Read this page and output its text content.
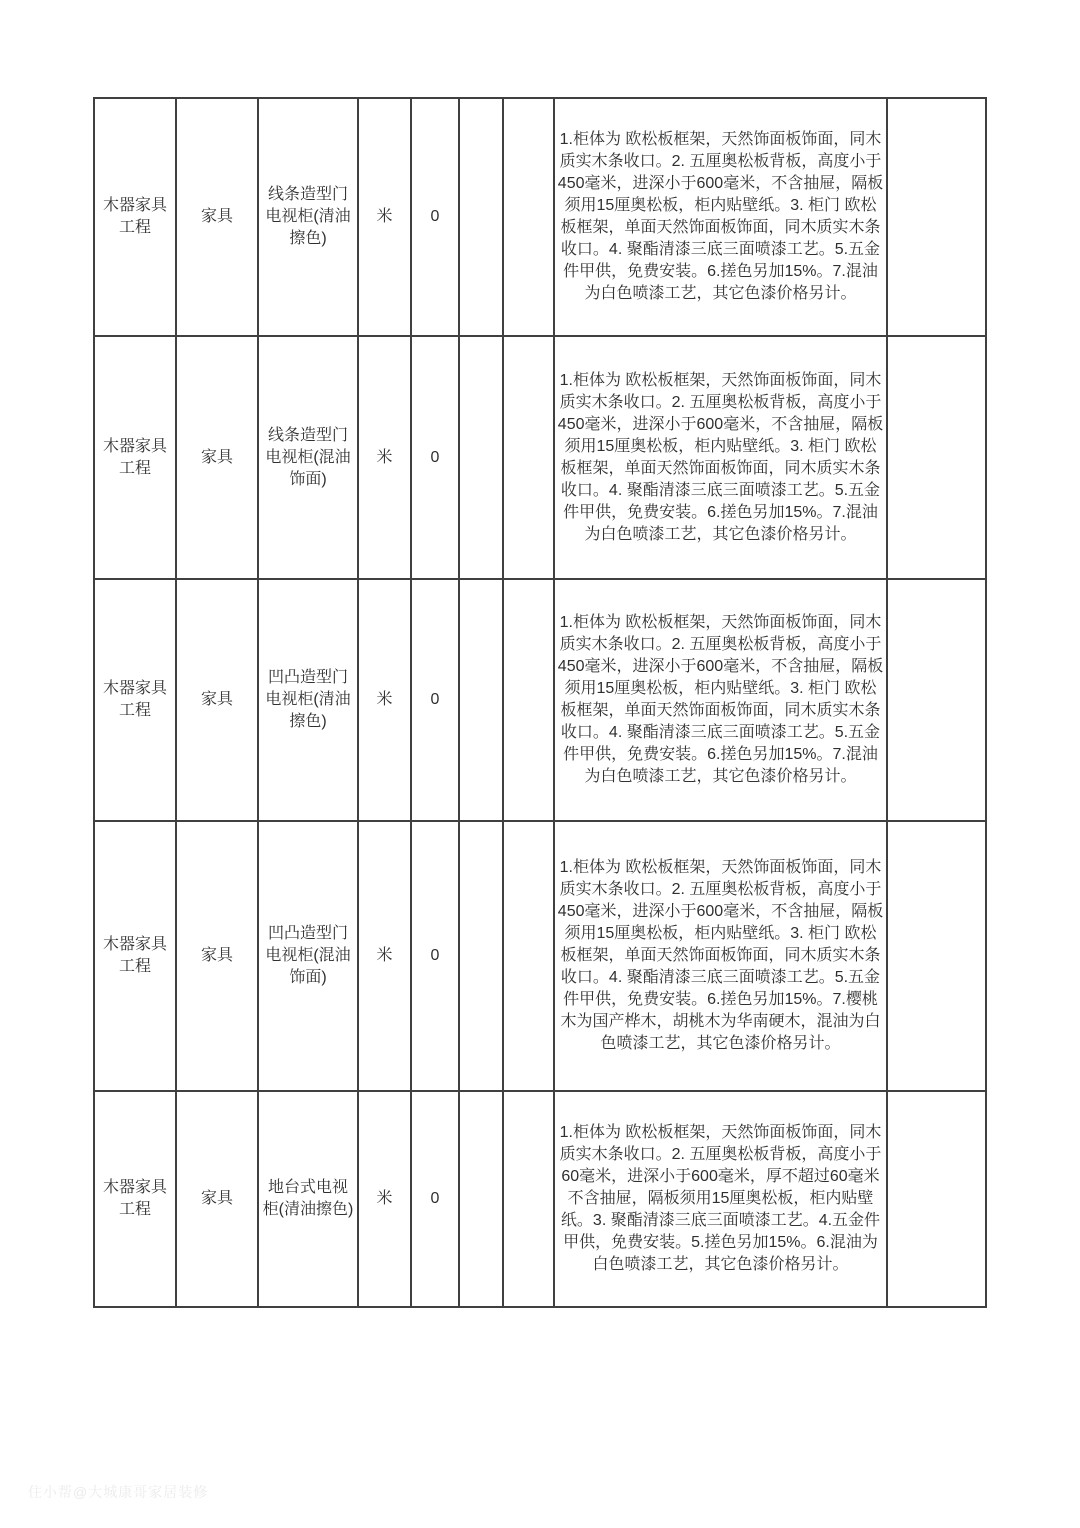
木器家具工程	家具	线条造型门电视柜(清油擦色)	米	0			1.柜体为 欧松板框架，天然饰面板饰面，同木质实木条收口。2. 五厘奥松板背板，高度小于450毫米，进深小于600毫米，不含抽屉，隔板须用15厘奥松板，柜内贴壁纸。3. 柜门 欧松板框架，单面天然饰面板饰面，同木质实木条收口。4. 聚酯清漆三底三面喷漆工艺。5.五金件甲供，免费安装。6.搓色另加15%。7.混油为白色喷漆工艺，其它色漆价格另计。	

木器家具工程	家具	线条造型门电视柜(混油饰面)	米	0			1.柜体为 欧松板框架，天然饰面板饰面，同木质实木条收口。2. 五厘奥松板背板，高度小于450毫米，进深小于600毫米，不含抽屉，隔板须用15厘奥松板，柜内贴壁纸。3. 柜门 欧松板框架，单面天然饰面板饰面，同木质实木条收口。4. 聚酯清漆三底三面喷漆工艺。5.五金件甲供，免费安装。6.搓色另加15%。7.混油为白色喷漆工艺，其它色漆价格另计。	

木器家具工程	家具	凹凸造型门电视柜(清油擦色)	米	0			1.柜体为 欧松板框架，天然饰面板饰面，同木质实木条收口。2. 五厘奥松板背板，高度小于450毫米，进深小于600毫米，不含抽屉，隔板须用15厘奥松板，柜内贴壁纸。3. 柜门 欧松板框架，单面天然饰面板饰面，同木质实木条收口。4. 聚酯清漆三底三面喷漆工艺。5.五金件甲供，免费安装。6.搓色另加15%。7.混油为白色喷漆工艺，其它色漆价格另计。	

木器家具工程	家具	凹凸造型门电视柜(混油饰面)	米	0			1.柜体为 欧松板框架，天然饰面板饰面，同木质实木条收口。2. 五厘奥松板背板，高度小于450毫米，进深小于600毫米，不含抽屉，隔板须用15厘奥松板，柜内贴壁纸。3. 柜门 欧松板框架，单面天然饰面板饰面，同木质实木条收口。4. 聚酯清漆三底三面喷漆工艺。5.五金件甲供，免费安装。6.搓色另加15%。7.樱桃木为国产桦木，胡桃木为华南硬木，混油为白色喷漆工艺，其它色漆价格另计。	

木器家具工程	家具	地台式电视柜(清油擦色)	米	0			1.柜体为 欧松板框架，天然饰面板饰面，同木质实木条收口。2. 五厘奥松板背板，高度小于60毫米，进深小于600毫米，厚不超过60毫米不含抽屉，隔板须用15厘奥松板，柜内贴壁纸。3. 聚酯清漆三底三面喷漆工艺。4.五金件甲供，免费安装。5.搓色另加15%。6.混油为白色喷漆工艺，其它色漆价格另计。	
住小帮@大城康哥家居装修
